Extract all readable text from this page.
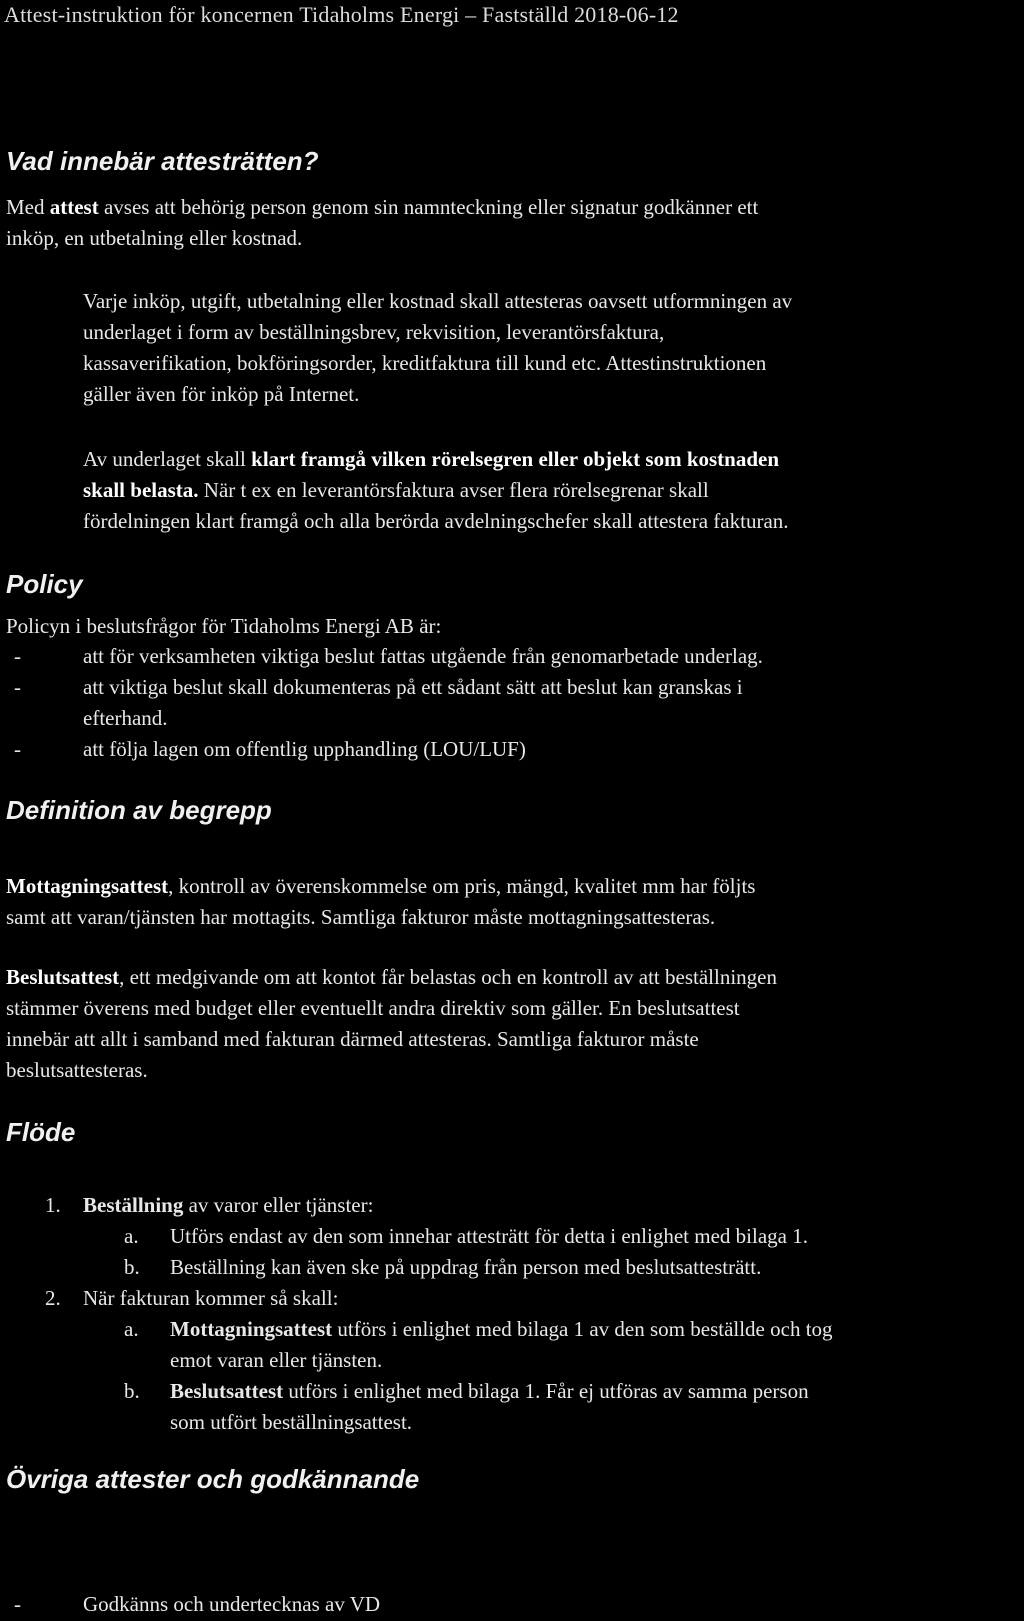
Attest-instruktion för koncernen Tidaholms Energi – Fastställd 2018-06-12
Vad innebär attesträtten?
Med attest avses att behörig person genom sin namnteckning eller signatur godkänner ett
inköp, en utbetalning eller kostnad.
Varje inköp, utgift, utbetalning eller kostnad skall attesteras oavsett utformningen av
underlaget i form av beställningsbrev, rekvisition, leverantörsfaktura,
kassaverifikation, bokföringsorder, kreditfaktura till kund etc. Attestinstruktionen
gäller även för inköp på Internet.
Av underlaget skall klart framgå vilken rörelsegren eller objekt som kostnaden
skall belasta. När t ex en leverantörsfaktura avser flera rörelsegrenar skall
fördelningen klart framgå och alla berörda avdelningschefer skall attestera fakturan.
Policy
Policyn i beslutsfrågor för Tidaholms Energi AB är:
-	att för verksamheten viktiga beslut fattas utgående från genomarbetade underlag.
-	att viktiga beslut skall dokumenteras på ett sådant sätt att beslut kan granskas i
efterhand.
-	att följa lagen om offentlig upphandling (LOU/LUF)
Definition av begrepp
Mottagningsattest, kontroll av överenskommelse om pris, mängd, kvalitet mm har följts
samt att varan/tjänsten har mottagits. Samtliga fakturor måste mottagningsattesteras.
Beslutsattest, ett medgivande om att kontot får belastas och en kontroll av att beställningen
stämmer överens med budget eller eventuellt andra direktiv som gäller. En beslutsattest
innebär att allt i samband med fakturan därmed attesteras. Samtliga fakturor måste
beslutsattesteras.
Flöde
1. Beställning av varor eller tjänster:
a. Utförs endast av den som innehar attesträtt för detta i enlighet med bilaga 1.
b. Beställning kan även ske på uppdrag från person med beslutsattesträtt.
2. När fakturan kommer så skall:
a. Mottagningsattest utförs i enlighet med bilaga 1 av den som beställde och tog
emot varan eller tjänsten.
b. Beslutsattest utförs i enlighet med bilaga 1. Får ej utföras av samma person
som utfört beställningsattest.
Övriga attester och godkännande
-	Godkänns och undertecknas av VD
